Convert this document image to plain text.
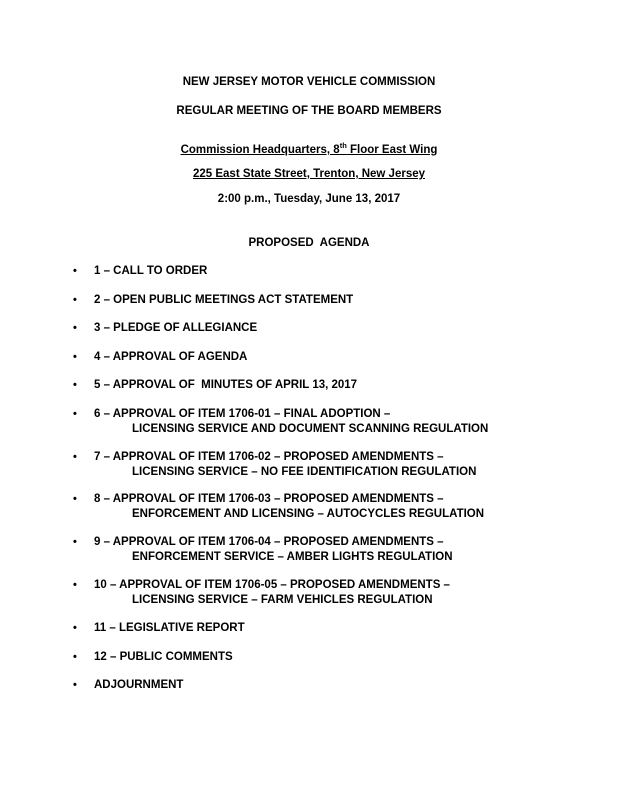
NEW JERSEY MOTOR VEHICLE COMMISSION
REGULAR MEETING OF THE BOARD MEMBERS
Commission Headquarters, 8th Floor East Wing
225 East State Street, Trenton, New Jersey
2:00 p.m., Tuesday, June 13, 2017
PROPOSED  AGENDA
•	1 – CALL TO ORDER
•	2 – OPEN PUBLIC MEETINGS ACT STATEMENT
•	3 – PLEDGE OF ALLEGIANCE
•	4 – APPROVAL OF AGENDA
•	5 – APPROVAL OF  MINUTES OF APRIL 13, 2017
•	6 – APPROVAL OF ITEM 1706-01 – FINAL ADOPTION –
LICENSING SERVICE AND DOCUMENT SCANNING REGULATION
•	7 – APPROVAL OF ITEM 1706-02 – PROPOSED AMENDMENTS –
LICENSING SERVICE – NO FEE IDENTIFICATION REGULATION
•	8 – APPROVAL OF ITEM 1706-03 – PROPOSED AMENDMENTS –
ENFORCEMENT AND LICENSING – AUTOCYCLES REGULATION
•	9 – APPROVAL OF ITEM 1706-04 – PROPOSED AMENDMENTS –
ENFORCEMENT SERVICE – AMBER LIGHTS REGULATION
•	10 – APPROVAL OF ITEM 1706-05 – PROPOSED AMENDMENTS –
LICENSING SERVICE – FARM VEHICLES REGULATION
•	11 – LEGISLATIVE REPORT
•	12 – PUBLIC COMMENTS
•	ADJOURNMENT
